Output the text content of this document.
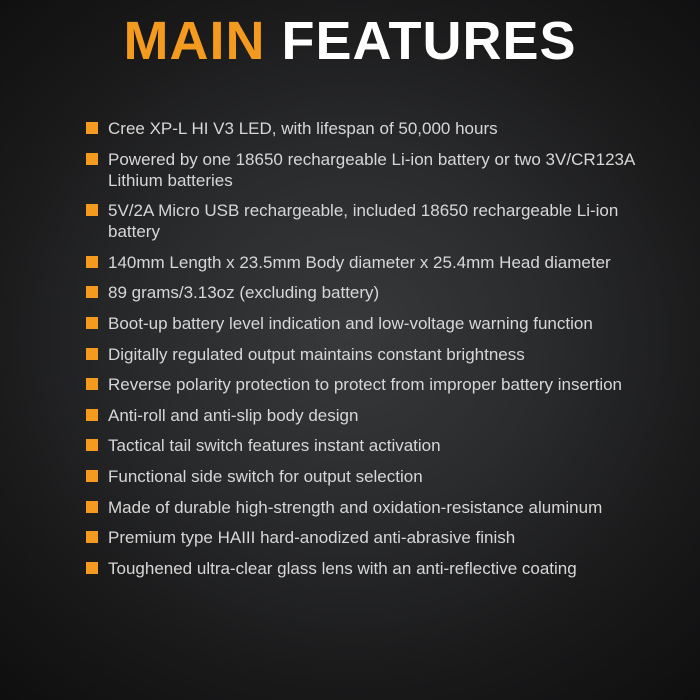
MAIN FEATURES
Cree XP-L HI V3 LED, with lifespan of 50,000 hours
Powered by one 18650 rechargeable Li-ion battery or two 3V/CR123A Lithium batteries
5V/2A Micro USB rechargeable, included 18650 rechargeable Li-ion battery
140mm Length x 23.5mm Body diameter x 25.4mm Head diameter
89 grams/3.13oz (excluding battery)
Boot-up battery level indication and low-voltage warning function
Digitally regulated output maintains constant brightness
Reverse polarity protection to protect from improper battery insertion
Anti-roll and anti-slip body design
Tactical tail switch features instant activation
Functional side switch for output selection
Made of durable high-strength and oxidation-resistance aluminum
Premium type HAIII hard-anodized anti-abrasive finish
Toughened ultra-clear glass lens with an anti-reflective coating
